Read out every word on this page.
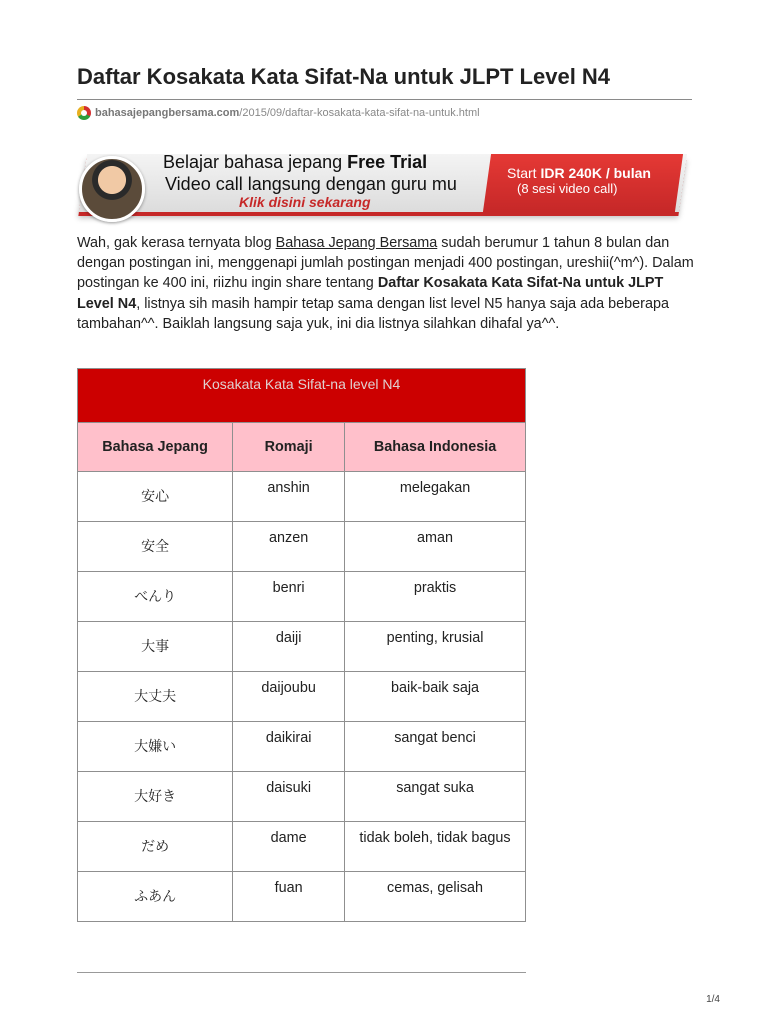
Daftar Kosakata Kata Sifat-Na untuk JLPT Level N4
bahasajepangbersama.com /2015/09/daftar-kosakata-kata-sifat-na-untuk.html
Belajar bahasa jepang Free Trial
Video call langsung dengan guru mu
Klik disini sekarang
Start IDR 240K / bulan
(8 sesi video call)

Wah, gak kerasa ternyata blog Bahasa Jepang Bersama sudah berumur 1 tahun 8 bulan dan dengan postingan ini, menggenapi jumlah postingan menjadi 400 postingan, ureshii(^m^). Dalam postingan ke 400 ini, riizhu ingin share tentang Daftar Kosakata Kata Sifat-Na untuk JLPT Level N4, listnya sih masih hampir tetap sama dengan list level N5 hanya saja ada beberapa tambahan^^. Baiklah langsung saja yuk, ini dia listnya silahkan dihafal ya^^.

Kosakata Kata Sifat-na level N4		
Bahasa Jepang	Romaji	Bahasa Indonesia
安心	anshin	melegakan
安全	anzen	aman
べんり	benri	praktis
大事	daiji	penting, krusial
大丈夫	daijoubu	baik-baik saja
大嫌い	daikirai	sangat benci
大好き	daisuki	sangat suka
だめ	dame	tidak boleh, tidak bagus
ふあん	fuan	cemas, gelisah
1/4
